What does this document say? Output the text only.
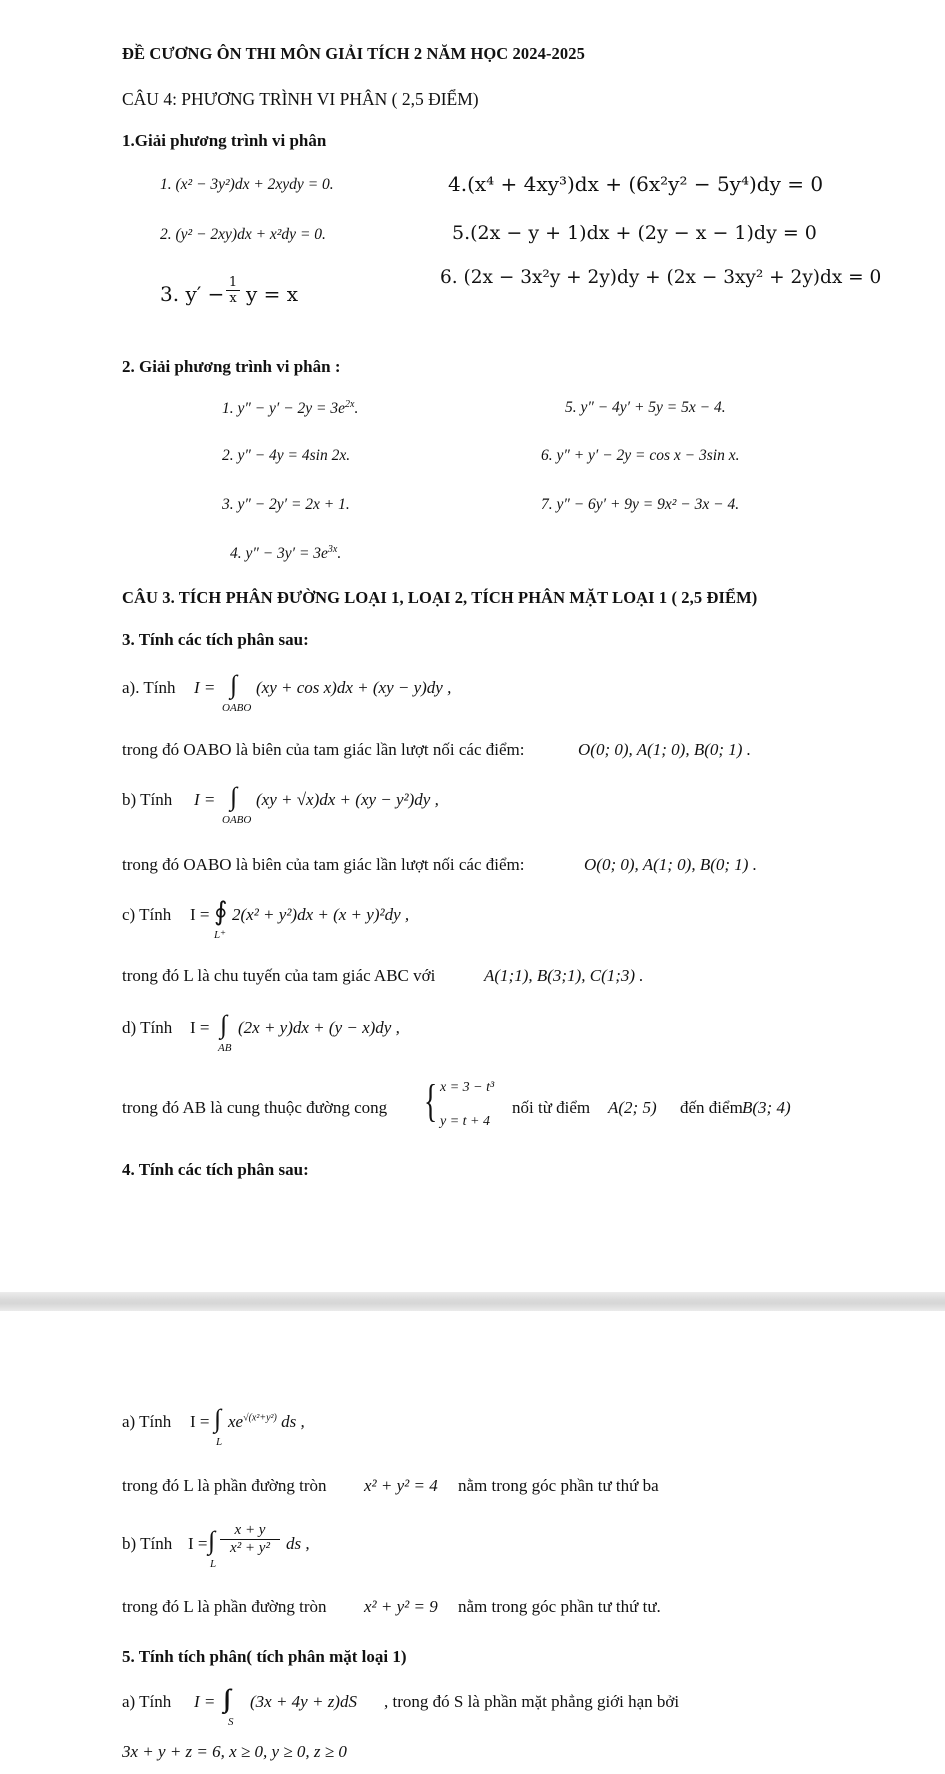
ĐỀ CƯƠNG ÔN THI MÔN GIẢI TÍCH 2 NĂM HỌC 2024-2025
CÂU 4: PHƯƠNG TRÌNH VI PHÂN ( 2,5 ĐIỂM)
1.Giải phương trình vi phân
1. (x² − 3y²)dx + 2xydy = 0.
2. (y² − 2xy)dx + x²dy = 0.
3. y′ − 1
x y = x
4.(x⁴ + 4xy³)dx + (6x²y² − 5y⁴)dy = 0
5.(2x − y + 1)dx + (2y − x − 1)dy = 0
6. (2x − 3x²y + 2y)dy + (2x − 3xy² + 2y)dx = 0
2. Giải phương trình vi phân :
1. $y'' - y' - 2y = 3e^{2x}$.
2. y″ − 4y = 4sin 2x.
3. y″ − 2y′ = 2x + 1.
4. $y'' - 3y' = 3e^{3x}$.
5. y″ − 4y′ + 5y = 5x − 4.
6. y″ + y′ − 2y = cos x − 3sin x.
7. y″ − 6y′ + 9y = 9x² − 3x − 4.
CÂU 3. TÍCH PHÂN ĐƯỜNG LOẠI 1, LOẠI 2, TÍCH PHÂN MẶT LOẠI 1 ( 2,5 ĐIỂM)
3. Tính các tích phân sau:
a). Tính I = ∫
OABO
(xy + cos x)dx + (xy − y)dy ,
trong đó OABO là biên của tam giác lần lượt nối các điểm:	O(0; 0), A(1; 0), B(0; 1) .
b) Tính I = ∫
OABO
(xy + √x)dx + (xy − y²)dy ,
trong đó OABO là biên của tam giác lần lượt nối các điểm:	O(0; 0), A(1; 0), B(0; 1) .
c) Tính I = ∮
L⁺
2(x² + y²)dx + (x + y)²dy ,
trong đó L là chu tuyến của tam giác ABC với	A(1;1), B(3;1), C(1;3) .
d) Tính I = ∫
AB
(2x + y)dx + (y − x)dy ,
trong đó AB là cung thuộc đường cong { x = 3 − t³
y = t + 4
nối từ điểm A(2; 5) đến điểm B(3; 4)
4. Tính các tích phân sau:
a) Tính I = ∫
L
$xe^{√(x^2+y^2)}$ ds ,
trong đó L là phần đường tròn x² + y² = 4 nằm trong góc phần tư thứ ba
b) Tính I = ∫
L
x + y
x² + y² ds ,
trong đó L là phần đường tròn x² + y² = 9 nằm trong góc phần tư thứ tư.
5. Tính tích phân( tích phân mặt loại 1)
a) Tính I =
S
(3x + 4y + z)dS , trong đó S là phần mặt phẳng giới hạn bởi
3x + y + z = 6, x ≥ 0, y ≥ 0, z ≥ 0
